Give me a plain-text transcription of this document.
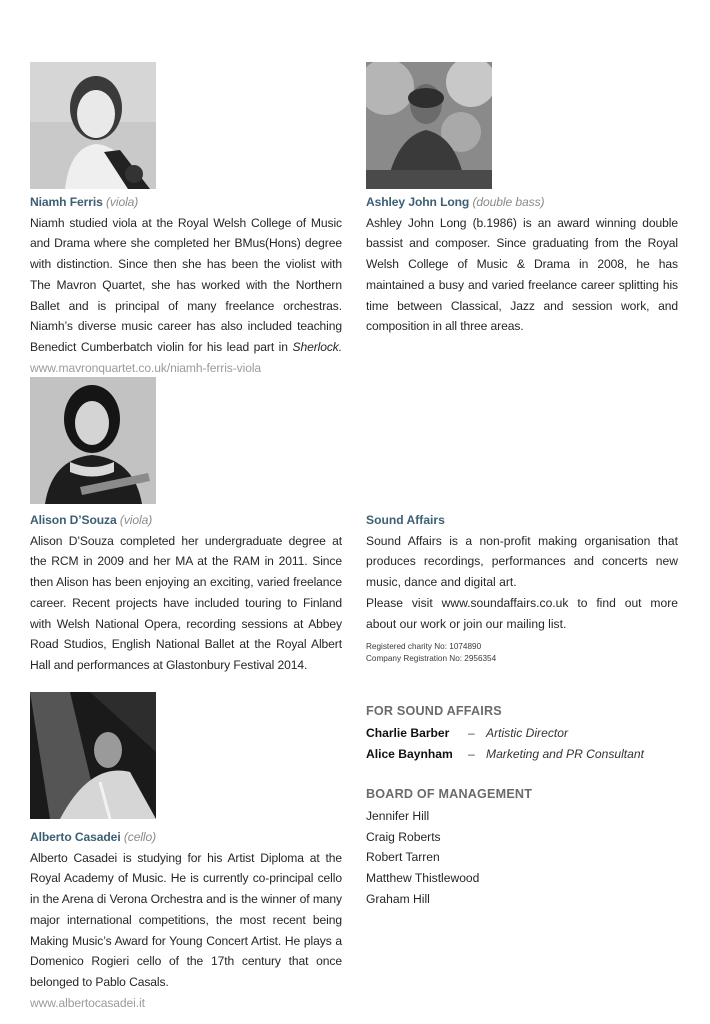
Niamh Ferris (viola)
Niamh studied viola at the Royal Welsh College of Music and Drama where she completed her BMus(Hons) degree with distinction. Since then she has been the violist with The Mavron Quartet, she has worked with the Northern Ballet and is principal of many freelance orchestras. Niamh’s diverse music career has also included teaching Benedict Cumberbatch violin for his lead part in Sherlock. www.mavronquartet.co.uk/niamh-ferris-viola
Ashley John Long (double bass)
Ashley John Long (b.1986) is an award winning double bassist and composer. Since graduating from the Royal Welsh College of Music & Drama in 2008, he has maintained a busy and varied freelance career splitting his time between Classical, Jazz and session work, and composition in all three areas.
Alison D’Souza (viola)
Alison D’Souza completed her undergraduate degree at the RCM in 2009 and her MA at the RAM in 2011. Since then Alison has been enjoying an exciting, varied freelance career. Recent projects have included touring to Finland with Welsh National Opera, recording sessions at Abbey Road Studios, English National Ballet at the Royal Albert Hall and performances at Glastonbury Festival 2014.
Alberto Casadei (cello)
Alberto Casadei is studying for his Artist Diploma at the Royal Academy of Music. He is currently co-principal cello in the Arena di Verona Orchestra and is the winner of many major international competitions, the most recent being Making Music’s Award for Young Concert Artist. He plays a Domenico Rogieri cello of the 17th century that once belonged to Pablo Casals.
www.albertocasadei.it
Sound Affairs
Sound Affairs is a non-profit making organisation that produces recordings, performances and concerts new music, dance and digital art.
Please visit www.soundaffairs.co.uk to find out more about our work or join our mailing list.
Registered charity No: 1074890
Company Registration No: 2956354
FOR SOUND AFFAIRS
Charlie Barber	– Artistic Director
Alice Baynham	– Marketing and PR Consultant
BOARD OF MANAGEMENT
Jennifer Hill
Craig Roberts
Robert Tarren
Matthew Thistlewood
Graham Hill
